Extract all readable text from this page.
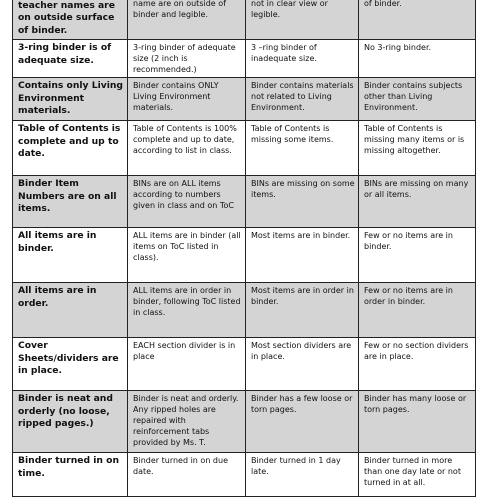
teacher names are on outside surface of binder.	name are on outside of binder and legible.	not in clear view or legible.	of binder.
3-ring binder is of adequate size.	3-ring binder of adequate size (2 inch is recommended.)	3 –ring binder of inadequate size.	No 3-ring binder.
Contains only Living Environment materials.	Binder contains ONLY Living Environment materials.	Binder contains materials not related to Living Environment.	Binder contains subjects other than Living Environment.
Table of Contents is complete and up to date.	Table of Contents is 100% complete and up to date, according to list in class.	Table of Contents is missing some items.	Table of Contents is missing many items or is missing altogether.
Binder Item Numbers are on all items.	BINs are on ALL items according to numbers given in class and on ToC	BINs are missing on some items.	BINs are missing on many or all items.
All items are in binder.	ALL items are in binder (all items on ToC listed in class).	Most items are in binder.	Few or no items are in binder.
All items are in order.	ALL items are in order in binder, following ToC listed in class.	Most items are in order in binder.	Few or no items are in order in binder.
Cover Sheets/dividers are in place.	EACH section divider is in place	Most section dividers are in place.	Few or no section dividers are in place.
Binder is neat and orderly (no loose, ripped pages.)	Binder is neat and orderly. Any ripped holes are repaired with reinforcement tabs provided by Ms. T.	Binder has a few loose or torn pages.	Binder has many loose or torn pages.
Binder turned in on time.	Binder turned in on due date.	Binder turned in 1 day late.	Binder turned in more than one day late or not turned in at all.
